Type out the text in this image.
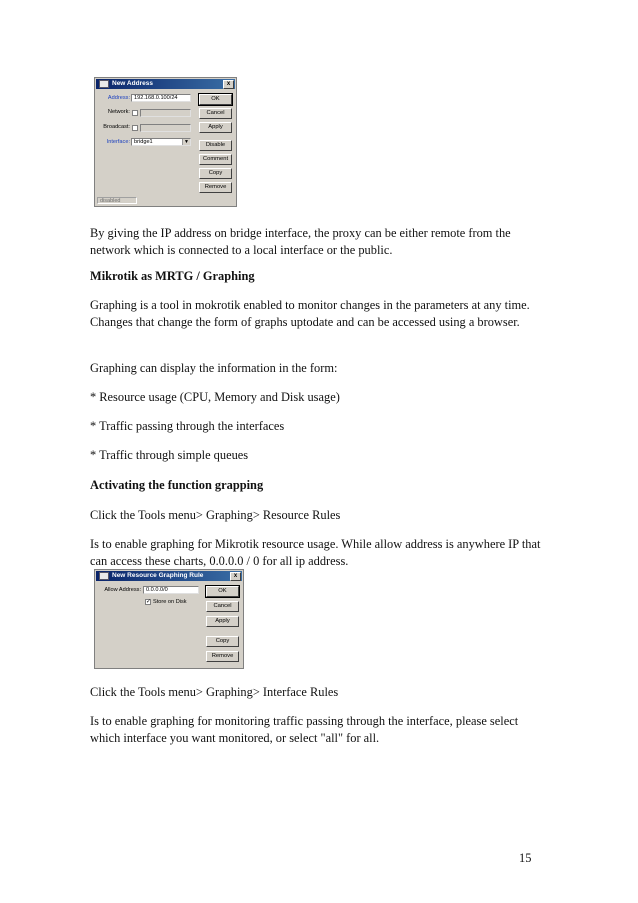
New Address	x
Address: 192.168.0.100/24
Network:
Broadcast:
Interface: bridge1	▼
OK
Cancel
Apply
Disable
Comment
Copy
Remove
disabled

By giving the IP address on bridge interface, the proxy can be either remote from the network which is connected to a local interface or the public.

Mikrotik as MRTG / Graphing

Graphing is a tool in mokrotik enabled to monitor changes in the parameters at any time. Changes that change the form of graphs uptodate and can be accessed using a browser.

Graphing can display the information in the form:

* Resource usage (CPU, Memory and Disk usage)

* Traffic passing through the interfaces

* Traffic through simple queues

Activating the function grapping

Click the Tools menu> Graphing> Resource Rules

Is to enable graphing for Mikrotik resource usage. While allow address is anywhere IP that can access these charts, 0.0.0.0 / 0 for all ip address.

New Resource Graphing Rule	x
Allow Address: 0.0.0.0/0
✓ Store on Disk
OK
Cancel
Apply
Copy
Remove

Click the Tools menu> Graphing> Interface Rules

Is to enable graphing for monitoring traffic passing through the interface, please select which interface you want monitored, or select "all" for all.

15
